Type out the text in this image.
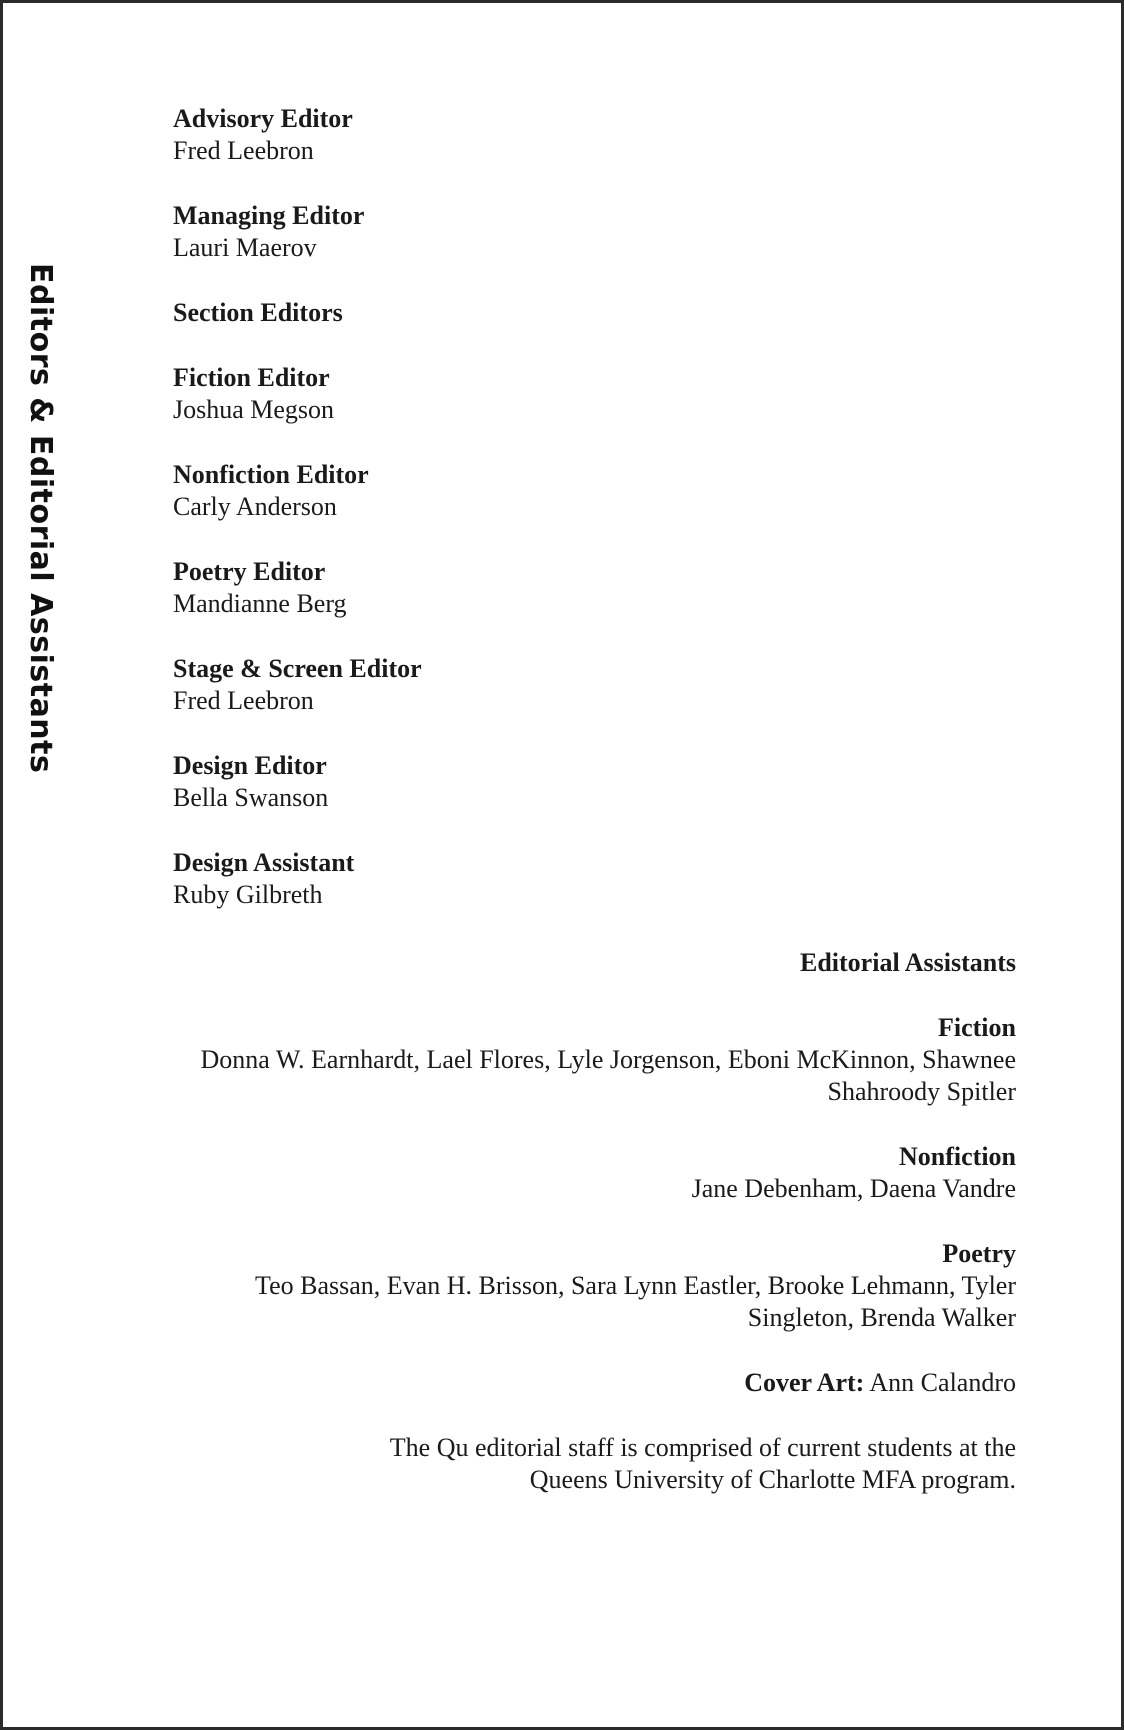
Editors & Editorial Assistants
Advisory Editor
Fred Leebron
Managing Editor
Lauri Maerov
Section Editors
Fiction Editor
Joshua Megson
Nonfiction Editor
Carly Anderson
Poetry Editor
Mandianne Berg
Stage & Screen Editor
Fred Leebron
Design Editor
Bella Swanson
Design Assistant
Ruby Gilbreth
Editorial Assistants
Fiction
Donna W. Earnhardt, Lael Flores, Lyle Jorgenson, Eboni McKinnon, Shawnee Shahroody Spitler
Nonfiction
Jane Debenham, Daena Vandre
Poetry
Teo Bassan, Evan H. Brisson, Sara Lynn Eastler, Brooke Lehmann, Tyler Singleton, Brenda Walker
Cover Art: Ann Calandro
The Qu editorial staff is comprised of current students at the Queens University of Charlotte MFA program.
